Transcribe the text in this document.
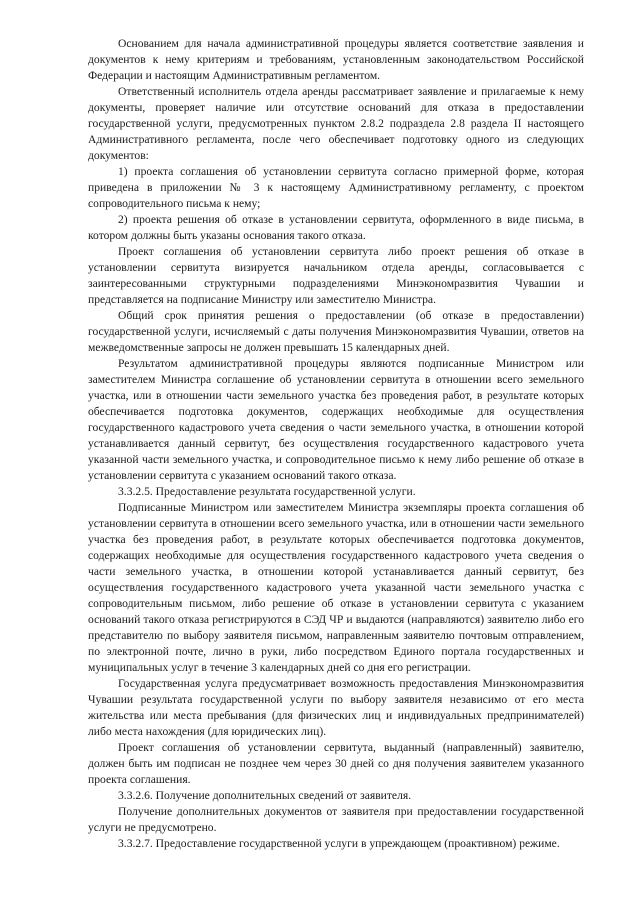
Основанием для начала административной процедуры является соответствие заявления и документов к нему критериям и требованиям, установленным законодательством Российской Федерации и настоящим Административным регламентом.

Ответственный исполнитель отдела аренды рассматривает заявление и прилагаемые к нему документы, проверяет наличие или отсутствие оснований для отказа в предоставлении государственной услуги, предусмотренных пунктом 2.8.2 подраздела 2.8 раздела II настоящего Административного регламента, после чего обеспечивает подготовку одного из следующих документов:

1) проекта соглашения об установлении сервитута согласно примерной форме, которая приведена в приложении № 3 к настоящему Административному регламенту, с проектом сопроводительного письма к нему;

2) проекта решения об отказе в установлении сервитута, оформленного в виде письма, в котором должны быть указаны основания такого отказа.

Проект соглашения об установлении сервитута либо проект решения об отказе в установлении сервитута визируется начальником отдела аренды, согласовывается с заинтересованными структурными подразделениями Минэкономразвития Чувашии и представляется на подписание Министру или заместителю Министра.

Общий срок принятия решения о предоставлении (об отказе в предоставлении) государственной услуги, исчисляемый с даты получения Минэкономразвития Чувашии, ответов на межведомственные запросы не должен превышать 15 календарных дней.

Результатом административной процедуры являются подписанные Министром или заместителем Министра соглашение об установлении сервитута в отношении всего земельного участка, или в отношении части земельного участка без проведения работ, в результате которых обеспечивается подготовка документов, содержащих необходимые для осуществления государственного кадастрового учета сведения о части земельного участка, в отношении которой устанавливается данный сервитут, без осуществления государственного кадастрового учета указанной части земельного участка, и сопроводительное письмо к нему либо решение об отказе в установлении сервитута с указанием оснований такого отказа.

3.3.2.5. Предоставление результата государственной услуги.

Подписанные Министром или заместителем Министра экземпляры проекта соглашения об установлении сервитута в отношении всего земельного участка, или в отношении части земельного участка без проведения работ, в результате которых обеспечивается подготовка документов, содержащих необходимые для осуществления государственного кадастрового учета сведения о части земельного участка, в отношении которой устанавливается данный сервитут, без осуществления государственного кадастрового учета указанной части земельного участка с сопроводительным письмом, либо решение об отказе в установлении сервитута с указанием оснований такого отказа регистрируются в СЭД ЧР и выдаются (направляются) заявителю либо его представителю по выбору заявителя письмом, направленным заявителю почтовым отправлением, по электронной почте, лично в руки, либо посредством Единого портала государственных и муниципальных услуг в течение 3 календарных дней со дня его регистрации.

Государственная услуга предусматривает возможность предоставления Минэкономразвития Чувашии результата государственной услуги по выбору заявителя независимо от его места жительства или места пребывания (для физических лиц и индивидуальных предпринимателей) либо места нахождения (для юридических лиц).

Проект соглашения об установлении сервитута, выданный (направленный) заявителю, должен быть им подписан не позднее чем через 30 дней со дня получения заявителем указанного проекта соглашения.

3.3.2.6. Получение дополнительных сведений от заявителя.

Получение дополнительных документов от заявителя при предоставлении государственной услуги не предусмотрено.

3.3.2.7. Предоставление государственной услуги в упреждающем (проактивном) режиме.
